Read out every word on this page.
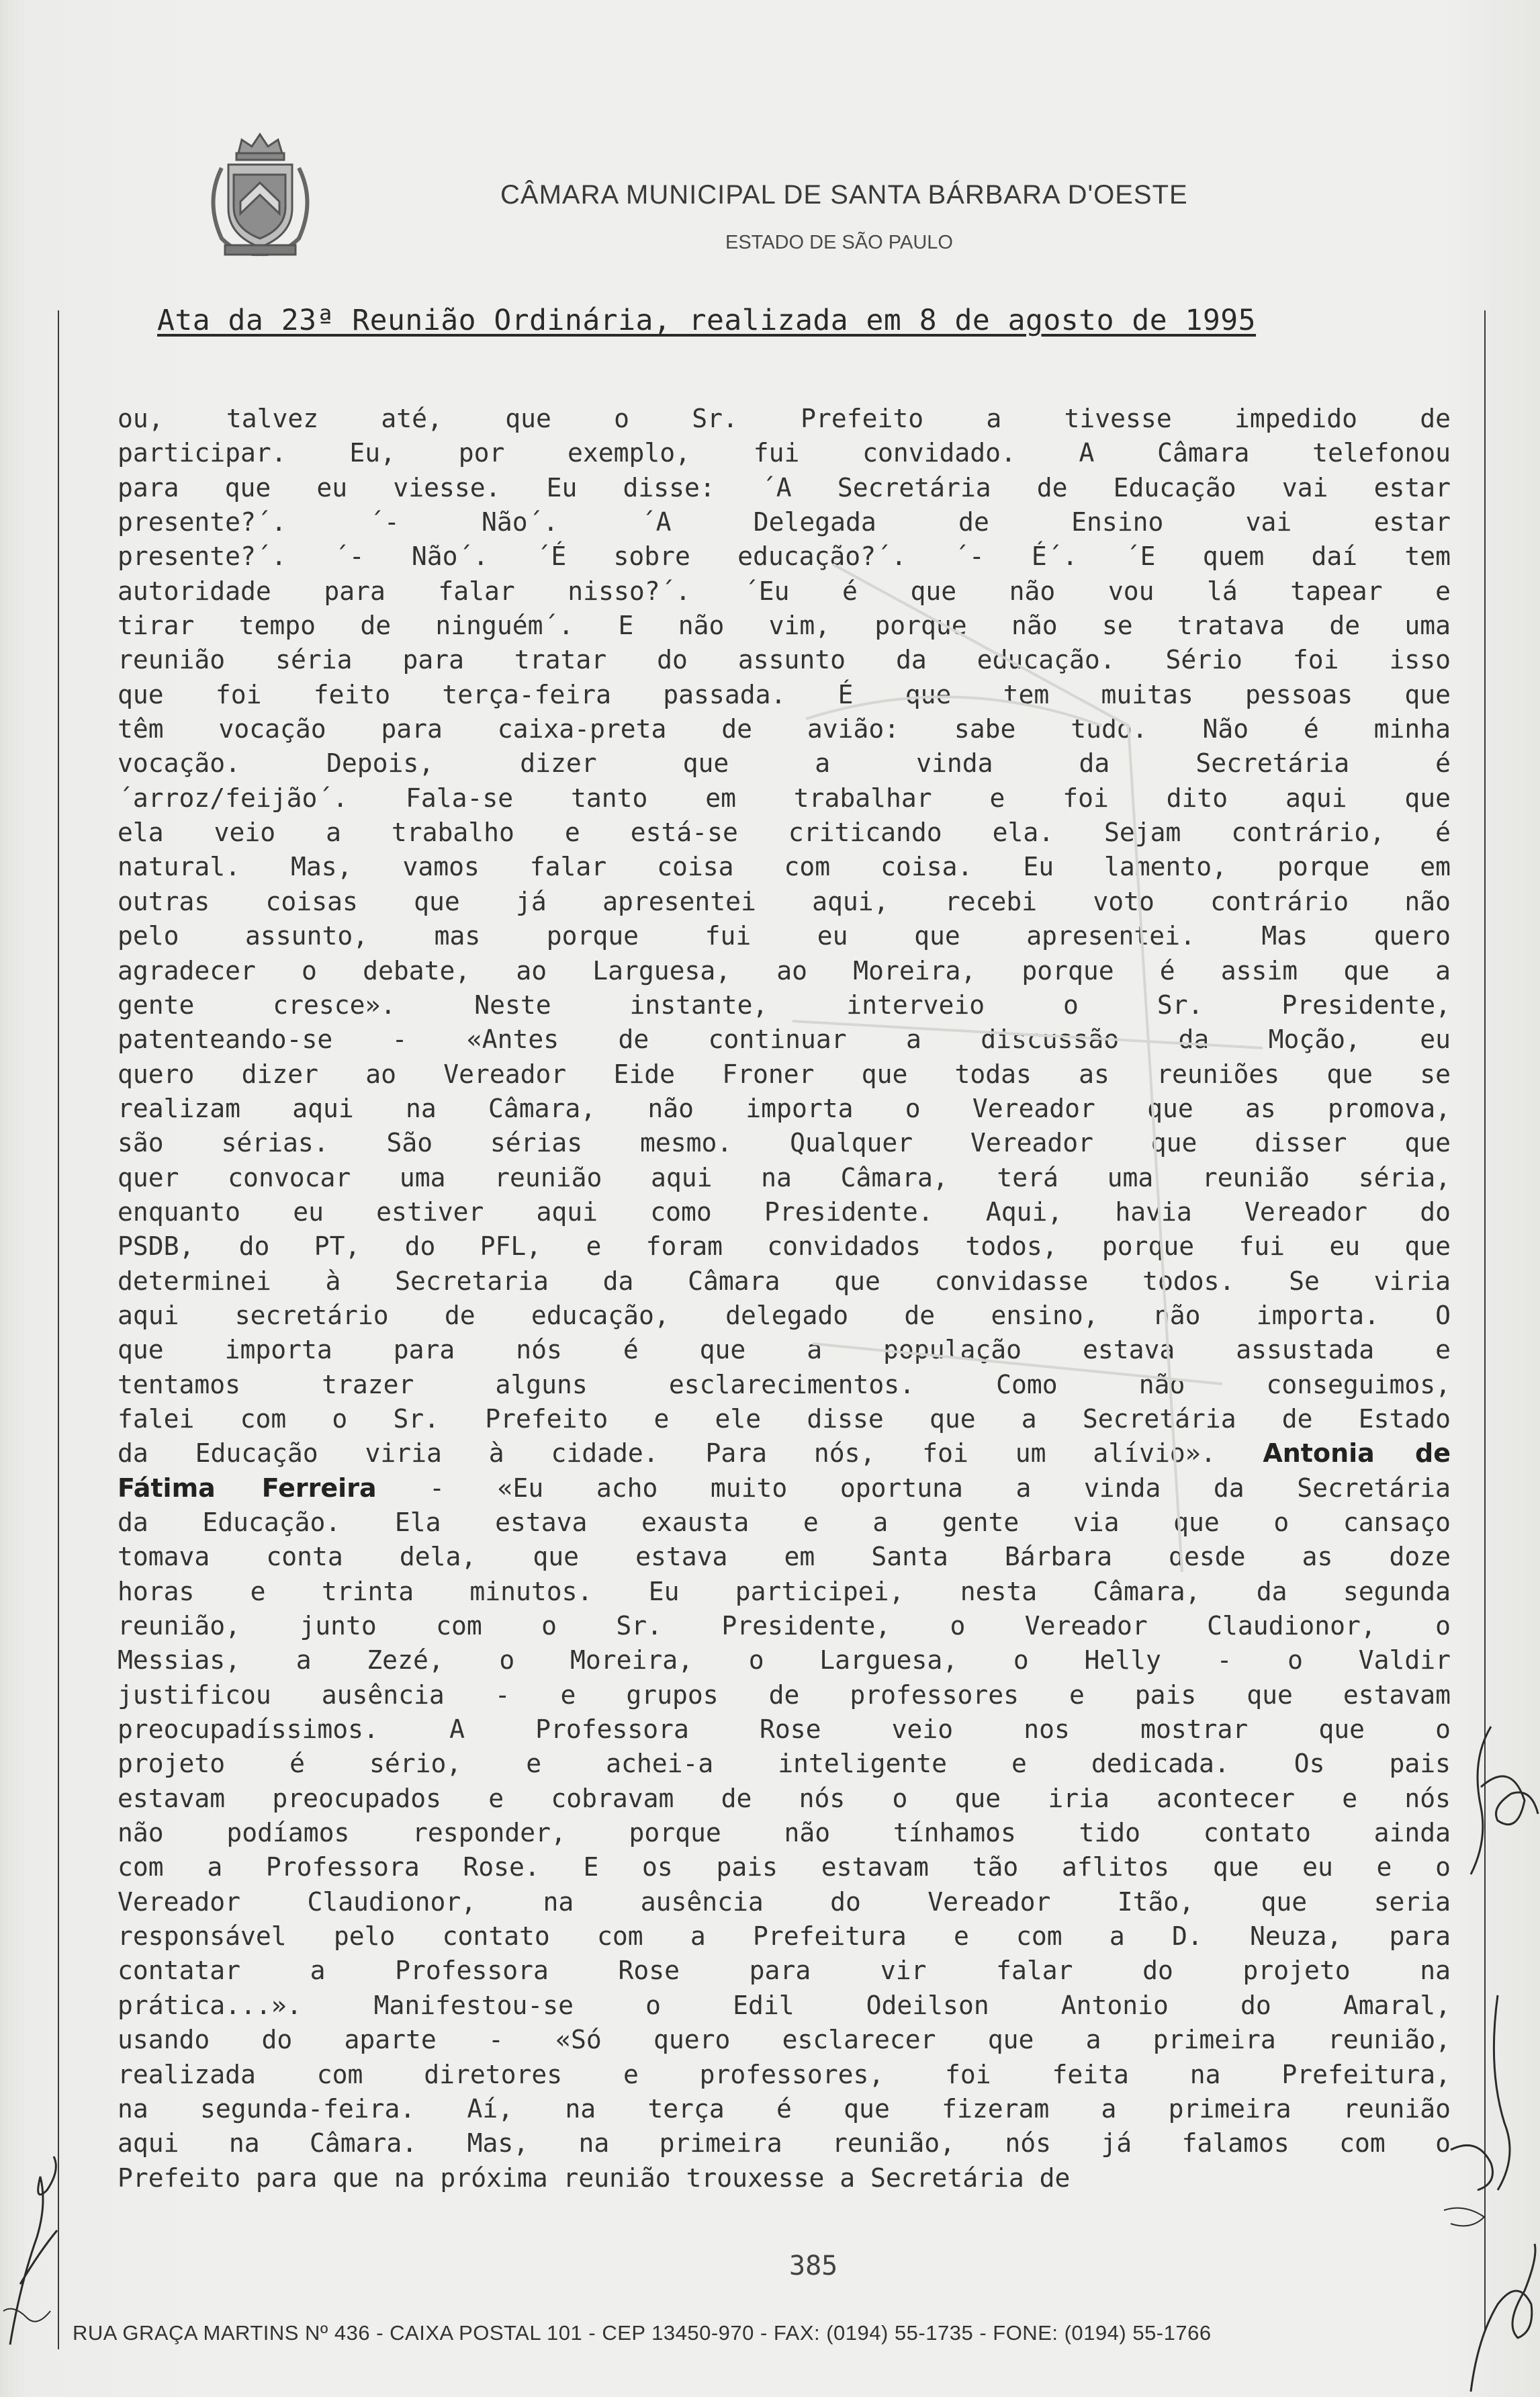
CÂMARA MUNICIPAL DE SANTA BÁRBARA D'OESTE
ESTADO DE SÃO PAULO
Ata da 23ª Reunião Ordinária, realizada em 8 de agosto de 1995
ou, talvez até, que o Sr. Prefeito a tivesse impedido de
participar. Eu, por exemplo, fui convidado. A Câmara telefonou
para que eu viesse. Eu disse: ´A Secretária de Educação vai estar
presente?´. ´- Não´. ´A Delegada de Ensino vai estar
presente?´. ´- Não´. ´É sobre educação?´. ´- É´. ´E quem daí tem
autoridade para falar nisso?´. ´Eu é que não vou lá tapear e
tirar tempo de ninguém´. E não vim, porque não se tratava de uma
reunião séria para tratar do assunto da educação. Sério foi isso
que foi feito terça-feira passada. É que tem muitas pessoas que
têm vocação para caixa-preta de avião: sabe tudo. Não é minha
vocação. Depois, dizer que a vinda da Secretária é
´arroz/feijão´. Fala-se tanto em trabalhar e foi dito aqui que
ela veio a trabalho e está-se criticando ela. Sejam contrário, é
natural. Mas, vamos falar coisa com coisa. Eu lamento, porque em
outras coisas que já apresentei aqui, recebi voto contrário não
pelo assunto, mas porque fui eu que apresentei. Mas quero
agradecer o debate, ao Larguesa, ao Moreira, porque é assim que a
gente cresce». Neste instante, interveio o Sr. Presidente,
patenteando-se - «Antes de continuar a discussão da Moção, eu
quero dizer ao Vereador Eide Froner que todas as reuniões que se
realizam aqui na Câmara, não importa o Vereador que as promova,
são sérias. São sérias mesmo. Qualquer Vereador que disser que
quer convocar uma reunião aqui na Câmara, terá uma reunião séria,
enquanto eu estiver aqui como Presidente. Aqui, havia Vereador do
PSDB, do PT, do PFL, e foram convidados todos, porque fui eu que
determinei à Secretaria da Câmara que convidasse todos. Se viria
aqui secretário de educação, delegado de ensino, não importa. O
que importa para nós é que a população estava assustada e
tentamos trazer alguns esclarecimentos. Como não conseguimos,
falei com o Sr. Prefeito e ele disse que a Secretária de Estado
da Educação viria à cidade. Para nós, foi um alívio». Antonia de
Fátima Ferreira - «Eu acho muito oportuna a vinda da Secretária
da Educação. Ela estava exausta e a gente via que o cansaço
tomava conta dela, que estava em Santa Bárbara desde as doze
horas e trinta minutos. Eu participei, nesta Câmara, da segunda
reunião, junto com o Sr. Presidente, o Vereador Claudionor, o
Messias, a Zezé, o Moreira, o Larguesa, o Helly - o Valdir
justificou ausência - e grupos de professores e pais que estavam
preocupadíssimos. A Professora Rose veio nos mostrar que o
projeto é sério, e achei-a inteligente e dedicada. Os pais
estavam preocupados e cobravam de nós o que iria acontecer e nós
não podíamos responder, porque não tínhamos tido contato ainda
com a Professora Rose. E os pais estavam tão aflitos que eu e o
Vereador Claudionor, na ausência do Vereador Itão, que seria
responsável pelo contato com a Prefeitura e com a D. Neuza, para
contatar a Professora Rose para vir falar do projeto na
prática...». Manifestou-se o Edil Odeilson Antonio do Amaral,
usando do aparte - «Só quero esclarecer que a primeira reunião,
realizada com diretores e professores, foi feita na Prefeitura,
na segunda-feira. Aí, na terça é que fizeram a primeira reunião
aqui na Câmara. Mas, na primeira reunião, nós já falamos com o
Prefeito para que na próxima reunião trouxesse a Secretária de
385
RUA GRAÇA MARTINS Nº 436 - CAIXA POSTAL 101 - CEP 13450-970 - FAX: (0194) 55-1735 - FONE: (0194) 55-1766
